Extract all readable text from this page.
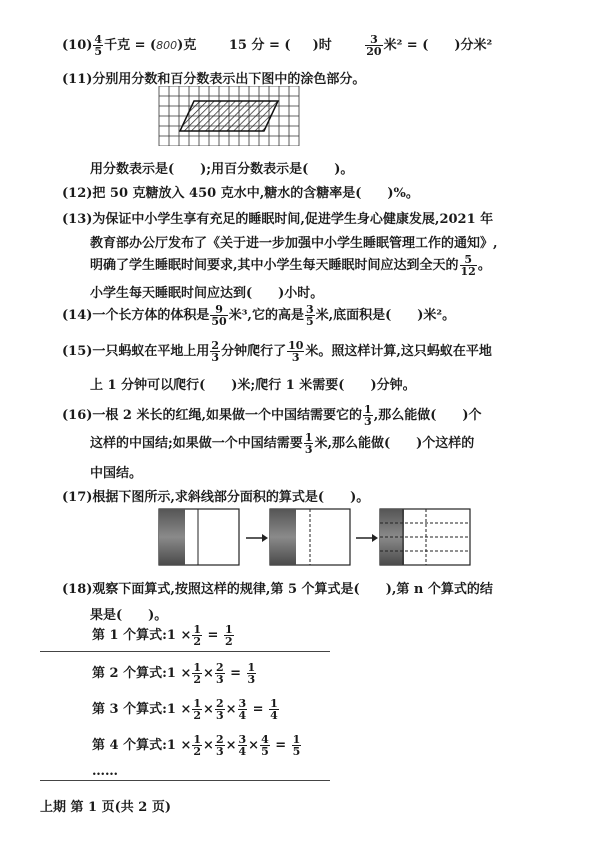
$(10) \frac{4}{5}$ 千克 = (800)克	15 分 = ( )时	$\frac{3}{20}$ 米² = ( )分米²
(11)分别用分数和百分数表示出下图中的涂色部分。
用分数表示是(　　);用百分数表示是(　　)。
(12)把 50 克糖放入 450 克水中,糖水的含糖率是(　　)%。
(13)为保证中小学生享有充足的睡眠时间,促进学生身心健康发展,2021 年
教育部办公厅发布了《关于进一步加强中小学生睡眠管理工作的通知》,
明确了学生睡眠时间要求,其中小学生每天睡眠时间应达到全天的 $\frac{5}{12}$ 。
小学生每天睡眠时间应达到(　　)小时。
(14)一个长方体的体积是 $\frac{9}{50}$ 米³,它的高是 $\frac{3}{5}$ 米,底面积是(　　)米²。
(15)一只蚂蚁在平地上用 $\frac{2}{3}$ 分钟爬行了 $\frac{10}{3}$ 米。照这样计算,这只蚂蚁在平地
上 1 分钟可以爬行(　　)米;爬行 1 米需要(　　)分钟。
(16)一根 2 米长的红绳,如果做一个中国结需要它的 $\frac{1}{3}$ ,那么能做(　　)个
这样的中国结;如果做一个中国结需要 $\frac{1}{3}$ 米,那么能做(　　)个这样的
中国结。
(17)根据下图所示,求斜线部分面积的算式是(　　)。
(18)观察下面算式,按照这样的规律,第 5 个算式是(　　),第 n 个算式的结
果是(　　)。
第 1 个算式:1 × $\frac{1}{2} = \frac{1}{2}$
第 2 个算式:1 × $\frac{1}{2} \times \frac{2}{3} = \frac{1}{3}$
第 3 个算式:1 × $\frac{1}{2} \times \frac{2}{3} \times \frac{3}{4} = \frac{1}{4}$
第 4 个算式:1 × $\frac{1}{2} \times \frac{2}{3} \times \frac{3}{4} \times \frac{4}{5} = \frac{1}{5}$
……
上期 第 1 页(共 2 页)
